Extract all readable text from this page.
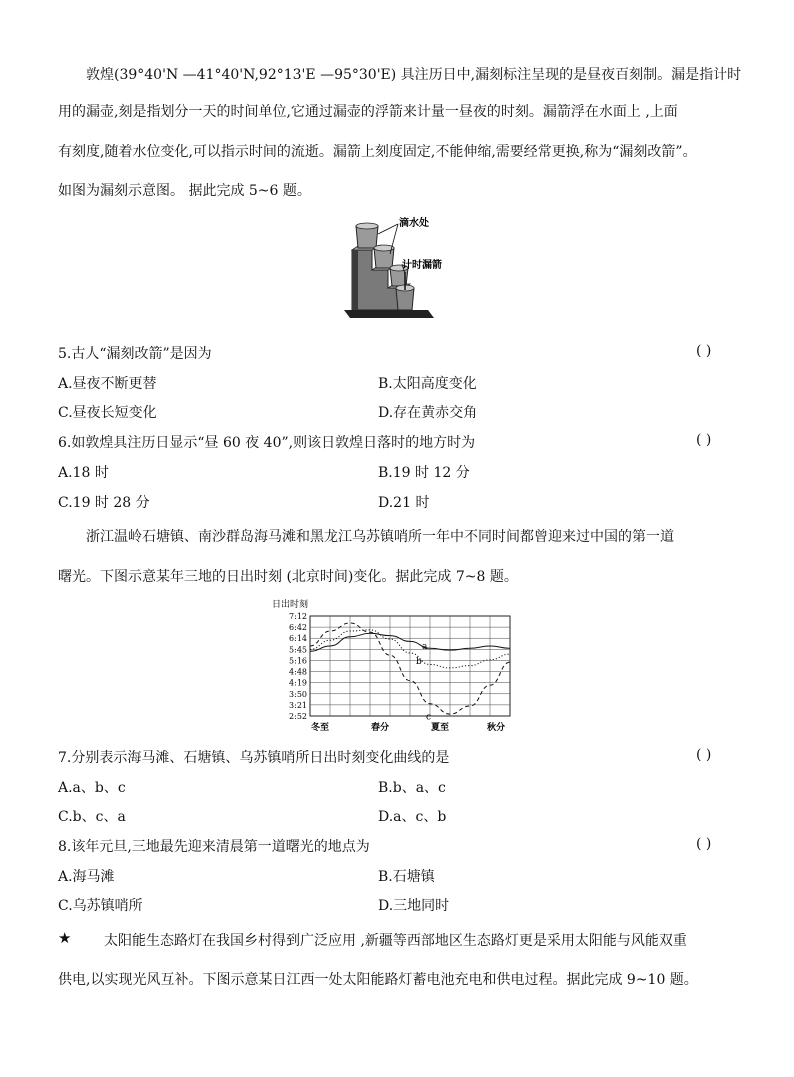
敦煌(39°40'N —41°40'N,92°13'E —95°30'E) 具注历日中,漏刻标注呈现的是昼夜百刻制。漏是指计时
用的漏壶,刻是指划分一天的时间单位,它通过漏壶的浮箭来计量一昼夜的时刻。漏箭浮在水面上 ,上面
有刻度,随着水位变化,可以指示时间的流逝。漏箭上刻度固定,不能伸缩,需要经常更换,称为“漏刻改箭”。
如图为漏刻示意图。 据此完成 5~6 题。
滴水处
计时漏箭
5.古人“漏刻改箭”是因为	( )
A.昼夜不断更替	B.太阳高度变化
C.昼夜长短变化	D.存在黄赤交角
6.如敦煌具注历日显示“昼 60 夜 40”,则该日敦煌日落时的地方时为	( )
A.18 时	B.19 时 12 分
C.19 时 28 分	D.21 时
浙江温岭石塘镇、南沙群岛海马滩和黑龙江乌苏镇哨所一年中不同时间都曾迎来过中国的第一道
曙光。下图示意某年三地的日出时刻 (北京时间)变化。据此完成 7~8 题。
日出时刻
7:12
6:42
6:14
5:45
5:16
4:48
4:19
3:50
3:21
2:52
冬至	春分	夏至	秋分
a
b
c
7.分别表示海马滩、石塘镇、乌苏镇哨所日出时刻变化曲线的是	( )
A.a、b、c	B.b、a、c
C.b、c、a	D.a、c、b
8.该年元旦,三地最先迎来清晨第一道曙光的地点为	( )
A.海马滩	B.石塘镇
C.乌苏镇哨所	D.三地同时
★ 太阳能生态路灯在我国乡村得到广泛应用 ,新疆等西部地区生态路灯更是采用太阳能与风能双重
供电,以实现光风互补。下图示意某日江西一处太阳能路灯蓄电池充电和供电过程。据此完成 9~10 题。
